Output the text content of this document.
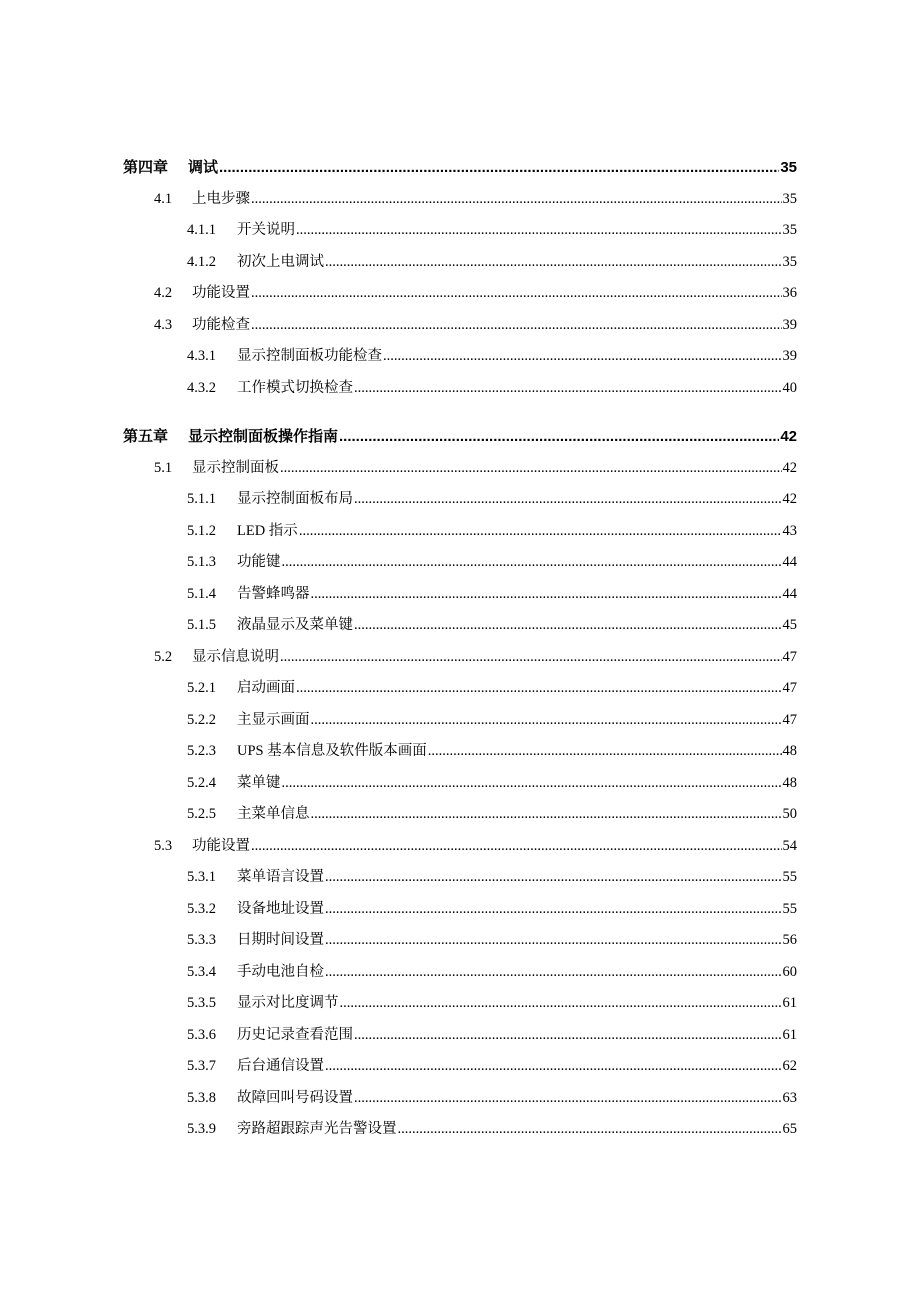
第四章	调试 .....	35
4.1	上电步骤 .....	35
4.1.1	开关说明 .....	35
4.1.2	初次上电调试 .....	35
4.2	功能设置 .....	36
4.3	功能检查 .....	39
4.3.1	显示控制面板功能检查 .....	39
4.3.2	工作模式切换检查 .....	40
第五章	显示控制面板操作指南 .....	42
5.1	显示控制面板 .....	42
5.1.1	显示控制面板布局 .....	42
5.1.2	LED 指示 .....	43
5.1.3	功能键 .....	44
5.1.4	告警蜂鸣器 .....	44
5.1.5	液晶显示及菜单键 .....	45
5.2	显示信息说明 .....	47
5.2.1	启动画面 .....	47
5.2.2	主显示画面 .....	47
5.2.3	UPS 基本信息及软件版本画面 .....	48
5.2.4	菜单键 .....	48
5.2.5	主菜单信息 .....	50
5.3	功能设置 .....	54
5.3.1	菜单语言设置 .....	55
5.3.2	设备地址设置 .....	55
5.3.3	日期时间设置 .....	56
5.3.4	手动电池自检 .....	60
5.3.5	显示对比度调节 .....	61
5.3.6	历史记录查看范围 .....	61
5.3.7	后台通信设置 .....	62
5.3.8	故障回叫号码设置 .....	63
5.3.9	旁路超跟踪声光告警设置 .....	65
